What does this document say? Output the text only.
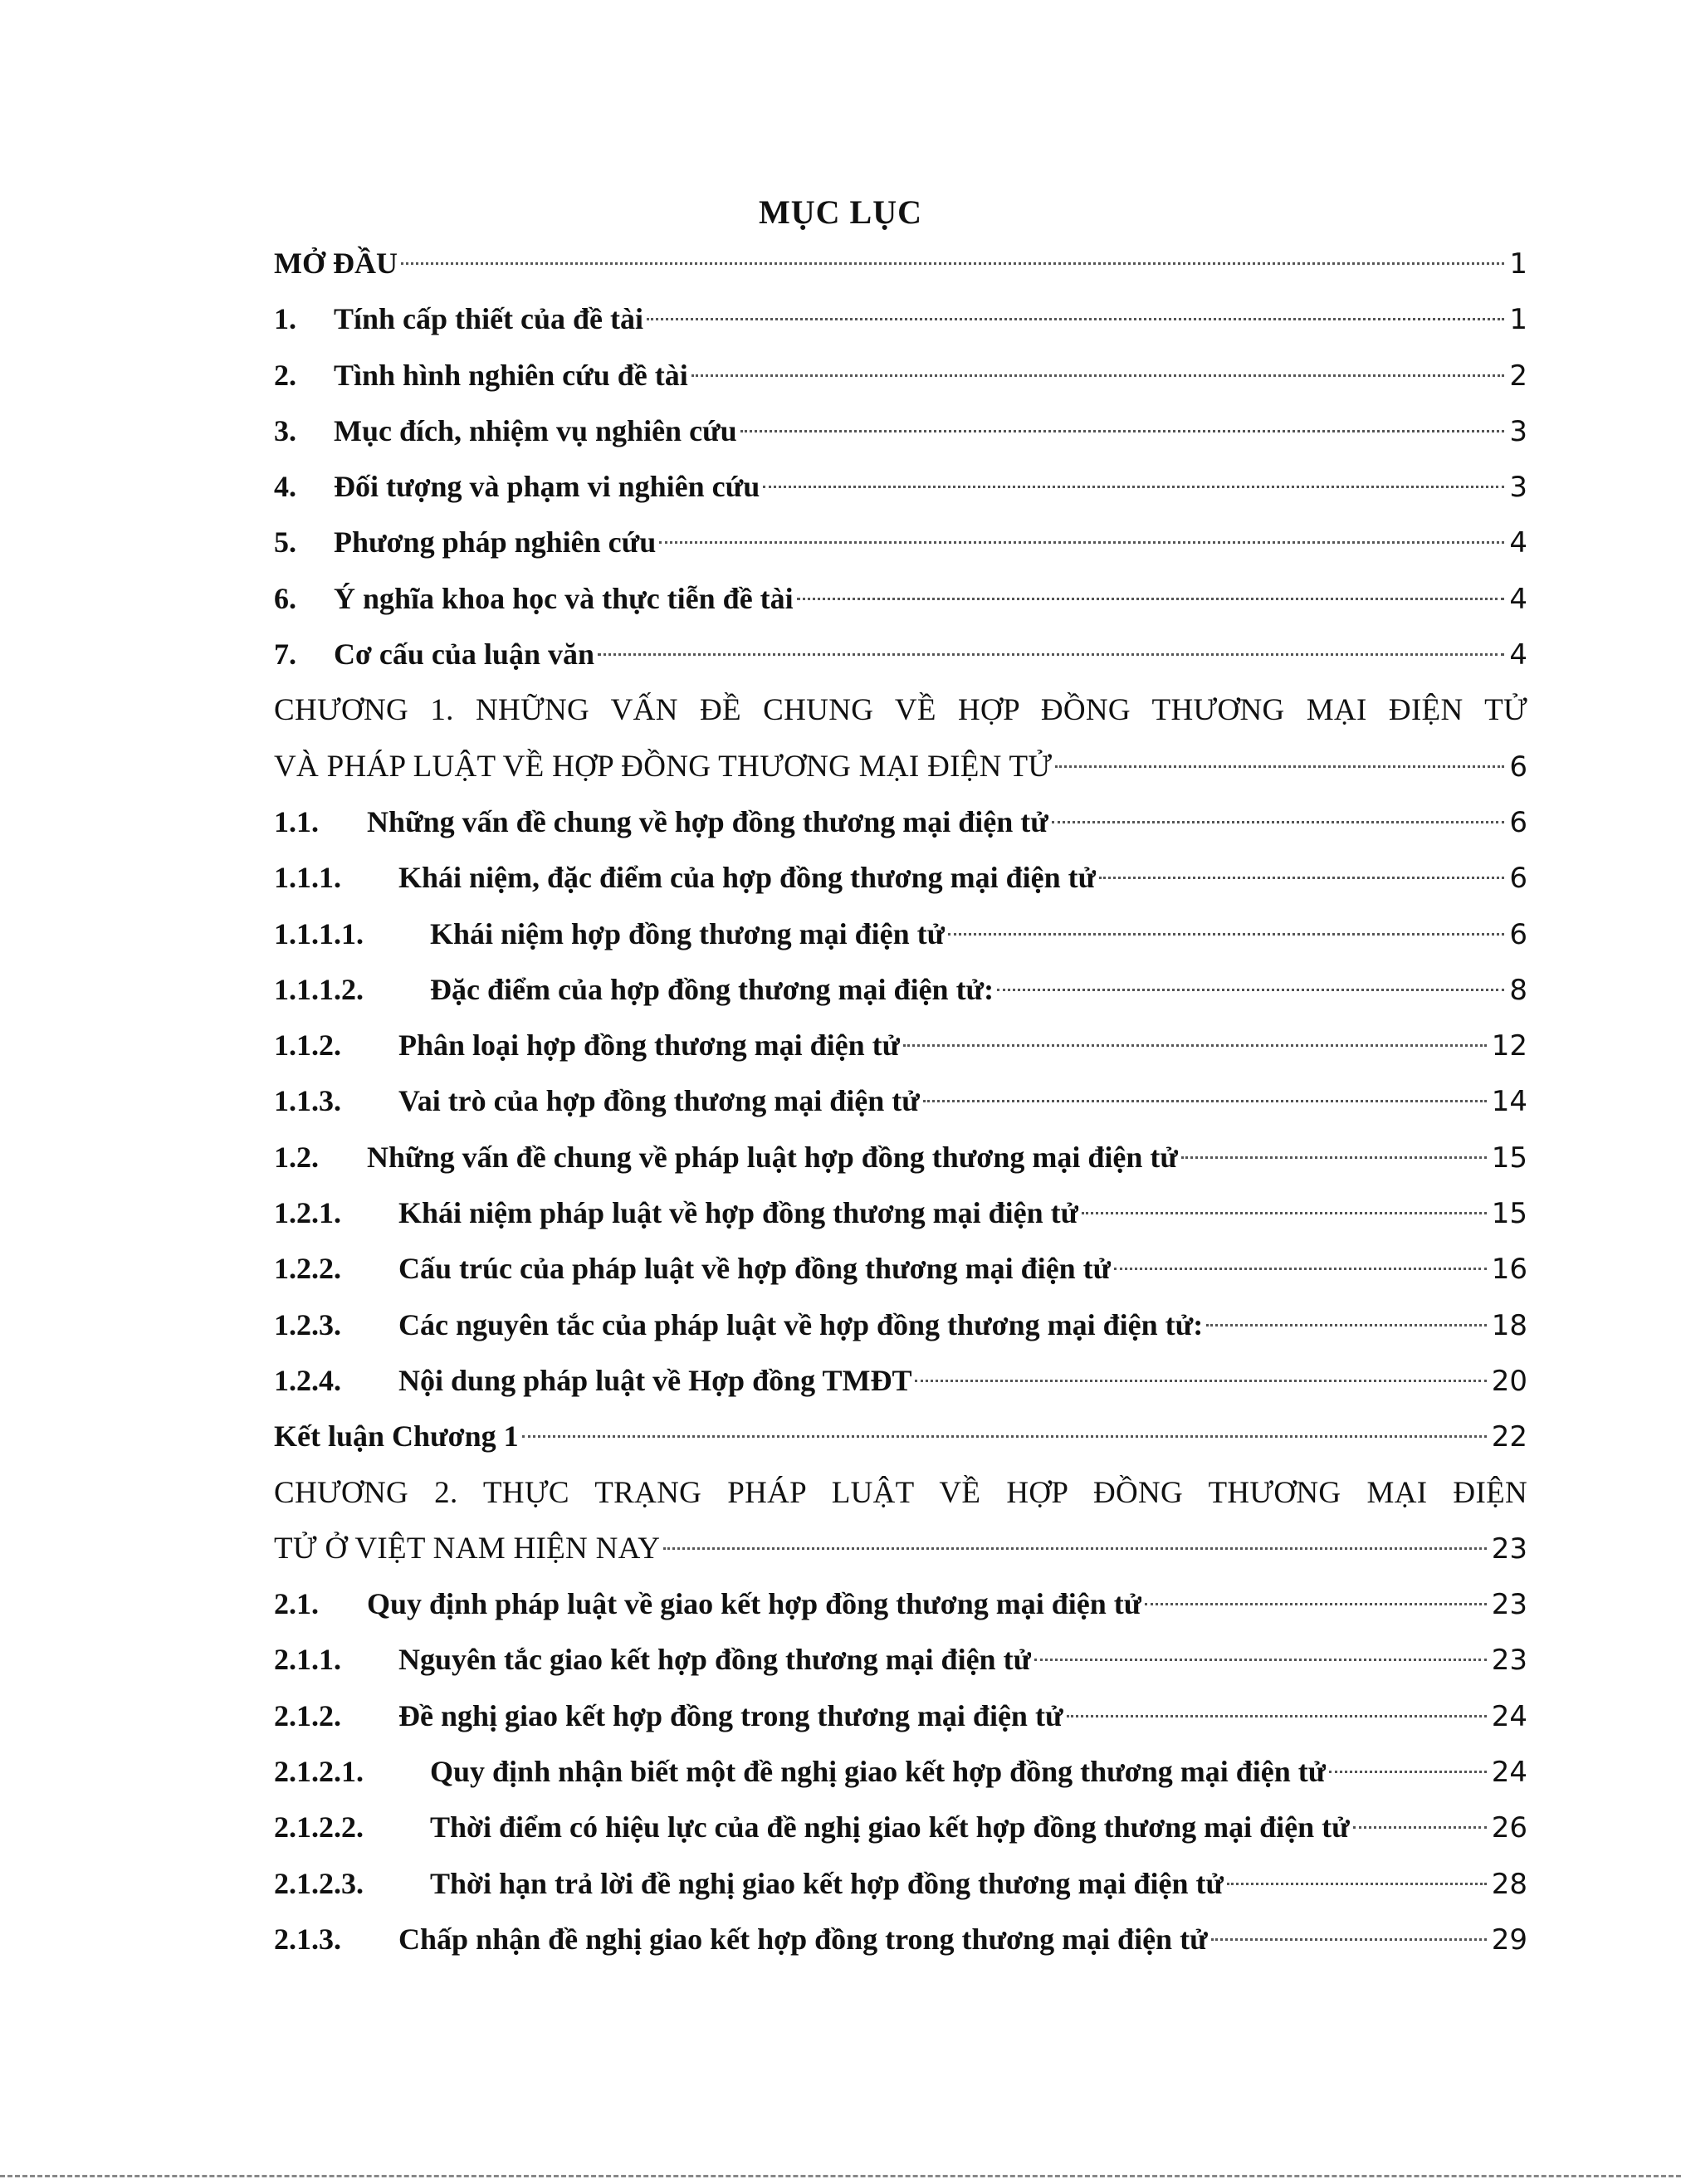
MỤC LỤC
MỞ ĐẦU	1
1.	Tính cấp thiết của đề tài	1
2.	Tình hình nghiên cứu đề tài	2
3.	Mục đích, nhiệm vụ nghiên cứu	3
4.	Đối tượng và phạm vi nghiên cứu	3
5.	Phương pháp nghiên cứu	4
6.	Ý nghĩa khoa học và thực tiễn đề tài	4
7.	Cơ cấu của luận văn	4
CHƯƠNG 1. NHỮNG VẤN ĐỀ CHUNG VỀ HỢP ĐỒNG THƯƠNG MẠI ĐIỆN TỬ
VÀ PHÁP LUẬT VỀ HỢP ĐỒNG THƯƠNG MẠI ĐIỆN TỬ	6
1.1.	Những vấn đề chung về hợp đồng thương mại điện tử	6
1.1.1.	Khái niệm, đặc điểm của hợp đồng thương mại điện tử	6
1.1.1.1.	Khái niệm hợp đồng thương mại điện tử	6
1.1.1.2.	Đặc điểm của hợp đồng thương mại điện tử:	8
1.1.2.	Phân loại hợp đồng thương mại điện tử	12
1.1.3.	Vai trò của hợp đồng thương mại điện tử	14
1.2.	Những vấn đề chung về pháp luật hợp đồng thương mại điện tử	15
1.2.1.	Khái niệm pháp luật về hợp đồng thương mại điện tử	15
1.2.2.	Cấu trúc của pháp luật về hợp đồng thương mại điện tử	16
1.2.3.	Các nguyên tắc của pháp luật về hợp đồng thương mại điện tử:	18
1.2.4.	Nội dung pháp luật về Hợp đồng TMĐT	20
Kết luận Chương 1	22
CHƯƠNG 2. THỰC TRẠNG PHÁP LUẬT VỀ HỢP ĐỒNG THƯƠNG MẠI ĐIỆN
TỬ Ở VIỆT NAM HIỆN NAY	23
2.1.	Quy định pháp luật về giao kết hợp đồng thương mại điện tử	23
2.1.1.	Nguyên tắc giao kết hợp đồng thương mại điện tử	23
2.1.2.	Đề nghị giao kết hợp đồng trong thương mại điện tử	24
2.1.2.1.	Quy định nhận biết một đề nghị giao kết hợp đồng thương mại điện tử	24
2.1.2.2.	Thời điểm có hiệu lực của đề nghị giao kết hợp đồng thương mại điện tử	26
2.1.2.3.	Thời hạn trả lời đề nghị giao kết hợp đồng thương mại điện tử	28
2.1.3.	Chấp nhận đề nghị giao kết hợp đồng trong thương mại điện tử	29
